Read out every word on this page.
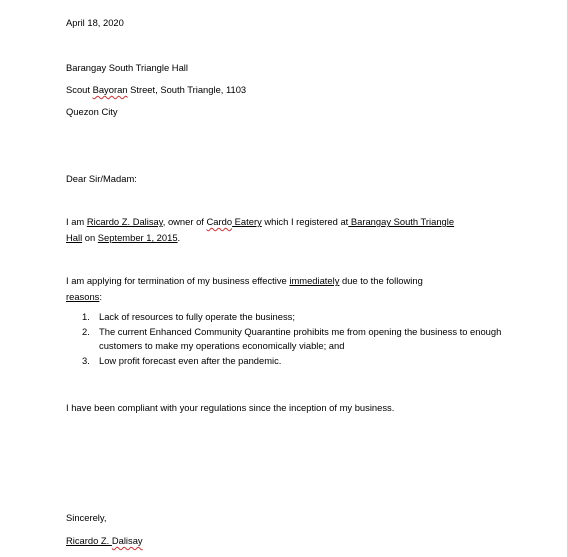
April 18, 2020
Barangay South Triangle Hall
Scout Bayoran Street, South Triangle, 1103
Quezon City
Dear Sir/Madam:
I am Ricardo Z. Dalisay, owner of Cardo Eatery which I registered at Barangay South Triangle
Hall on September 1, 2015.
I am applying for termination of my business effective immediately due to the following
reasons:
1. Lack of resources to fully operate the business;
2. The current Enhanced Community Quarantine prohibits me from opening the business to enough customers to make my operations economically viable; and
3. Low profit forecast even after the pandemic.
I have been compliant with your regulations since the inception of my business.
Sincerely,
Ricardo Z. Dalisay
